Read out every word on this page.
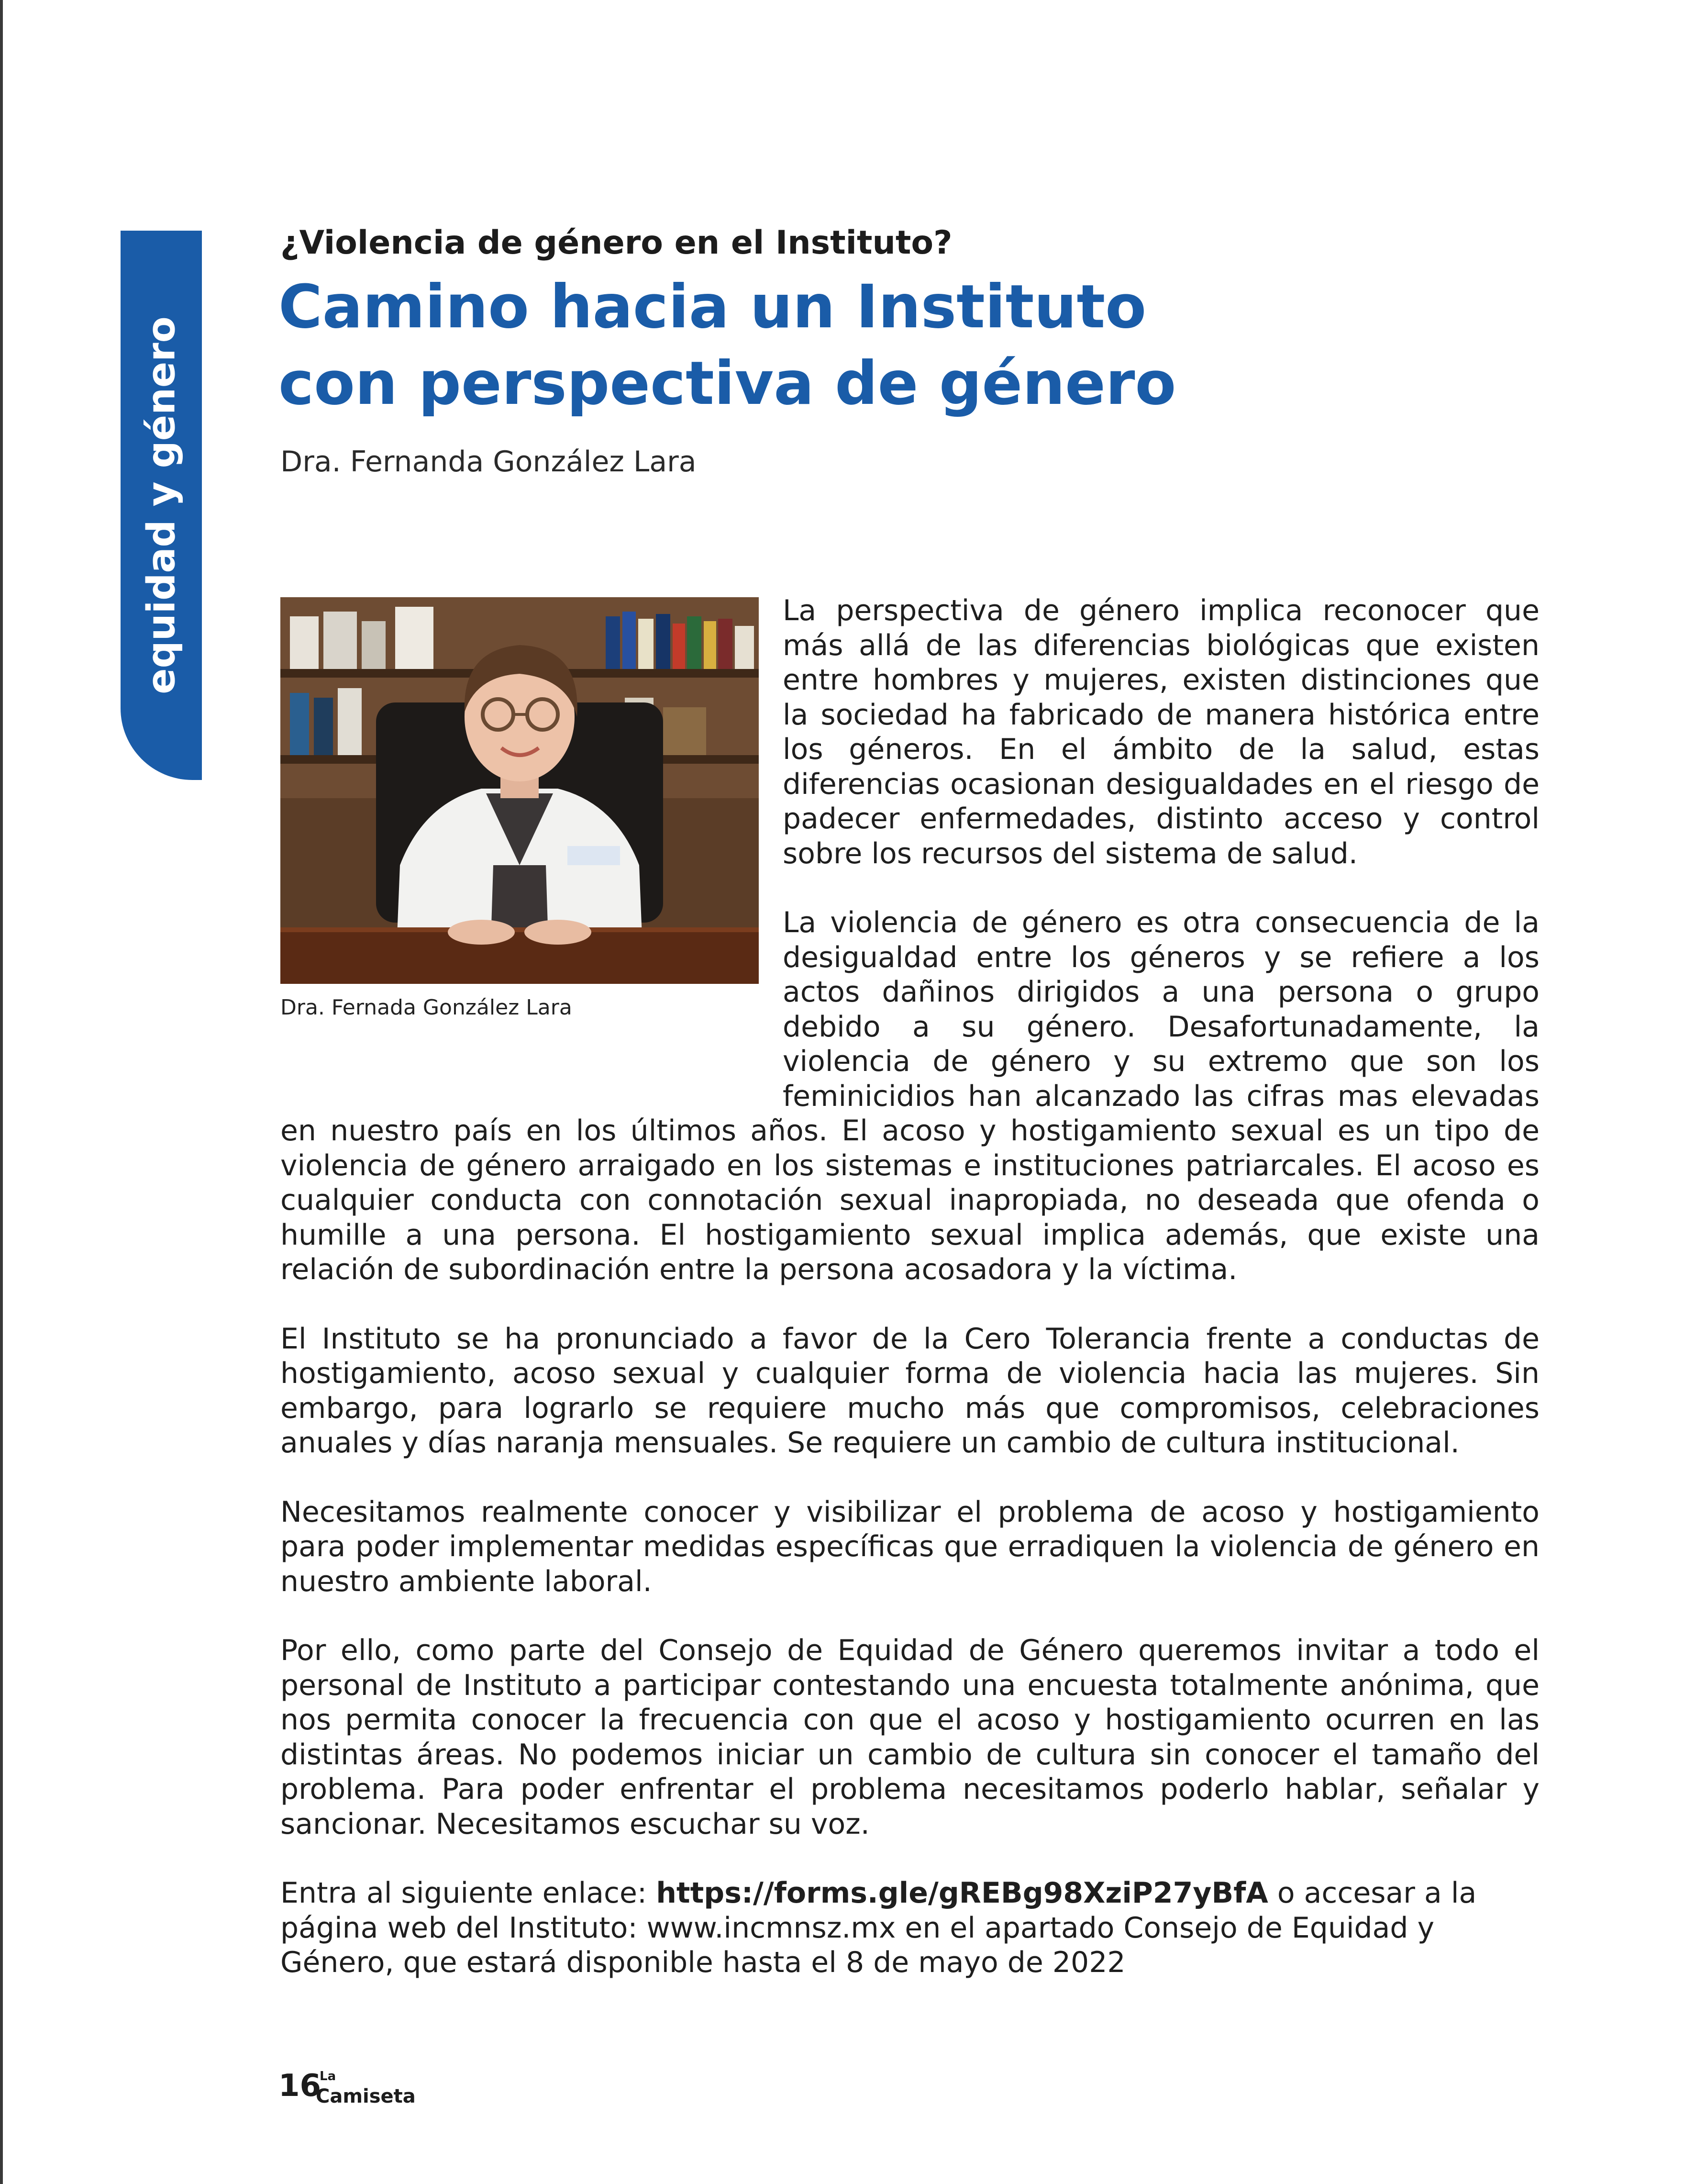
equidad y género
¿Violencia de género en el Instituto?
Camino hacia un Instituto
con perspectiva de género
Dra. Fernanda González Lara
Dra. Fernada González Lara

La perspectiva de género implica reconocer que más allá de las diferencias biológicas que existen entre hombres y mujeres, existen distinciones que la sociedad ha fabricado de manera histórica entre los géneros. En el ámbito de la salud, estas diferencias ocasionan desigualdades en el riesgo de padecer enfermedades, distinto acceso y control sobre los recursos del sistema de salud.

La violencia de género es otra consecuencia de la desigualdad entre los géneros y se refiere a los actos dañinos dirigidos a una persona o grupo debido a su género. Desafortunadamente, la violencia de género y su extremo que son los feminicidios han alcanzado las cifras mas elevadas en nuestro país en los últimos años. El acoso y hostigamiento sexual es un tipo de violencia de género arraigado en los sistemas e instituciones patriarcales. El acoso es cualquier conducta con connotación sexual inapropiada, no deseada que ofenda o humille a una persona. El hostigamiento sexual implica además, que existe una relación de subordinación entre la persona acosadora y la víctima.

El Instituto se ha pronunciado a favor de la Cero Tolerancia frente a conductas de hostigamiento, acoso sexual y cualquier forma de violencia hacia las mujeres. Sin embargo, para lograrlo se requiere mucho más que compromisos, celebraciones anuales y días naranja mensuales. Se requiere un cambio de cultura institucional.

Necesitamos realmente conocer y visibilizar el problema de acoso y hostigamiento para poder implementar medidas específicas que erradiquen la violencia de género en nuestro ambiente laboral.

Por ello, como parte del Consejo de Equidad de Género queremos invitar a todo el personal de Instituto a participar contestando una encuesta totalmente anónima, que nos permita conocer la frecuencia con que el acoso y hostigamiento ocurren en las distintas áreas. No podemos iniciar un cambio de cultura sin conocer el tamaño del problema. Para poder enfrentar el problema necesitamos poderlo hablar, señalar y sancionar. Necesitamos escuchar su voz.

Entra al siguiente enlace: https://forms.gle/gREBg98XziP27yBfA o accesar a la página web del Instituto: www.incmnsz.mx en el apartado Consejo de Equidad y Género, que estará disponible hasta el 8 de mayo de 2022

16
La
Camiseta
